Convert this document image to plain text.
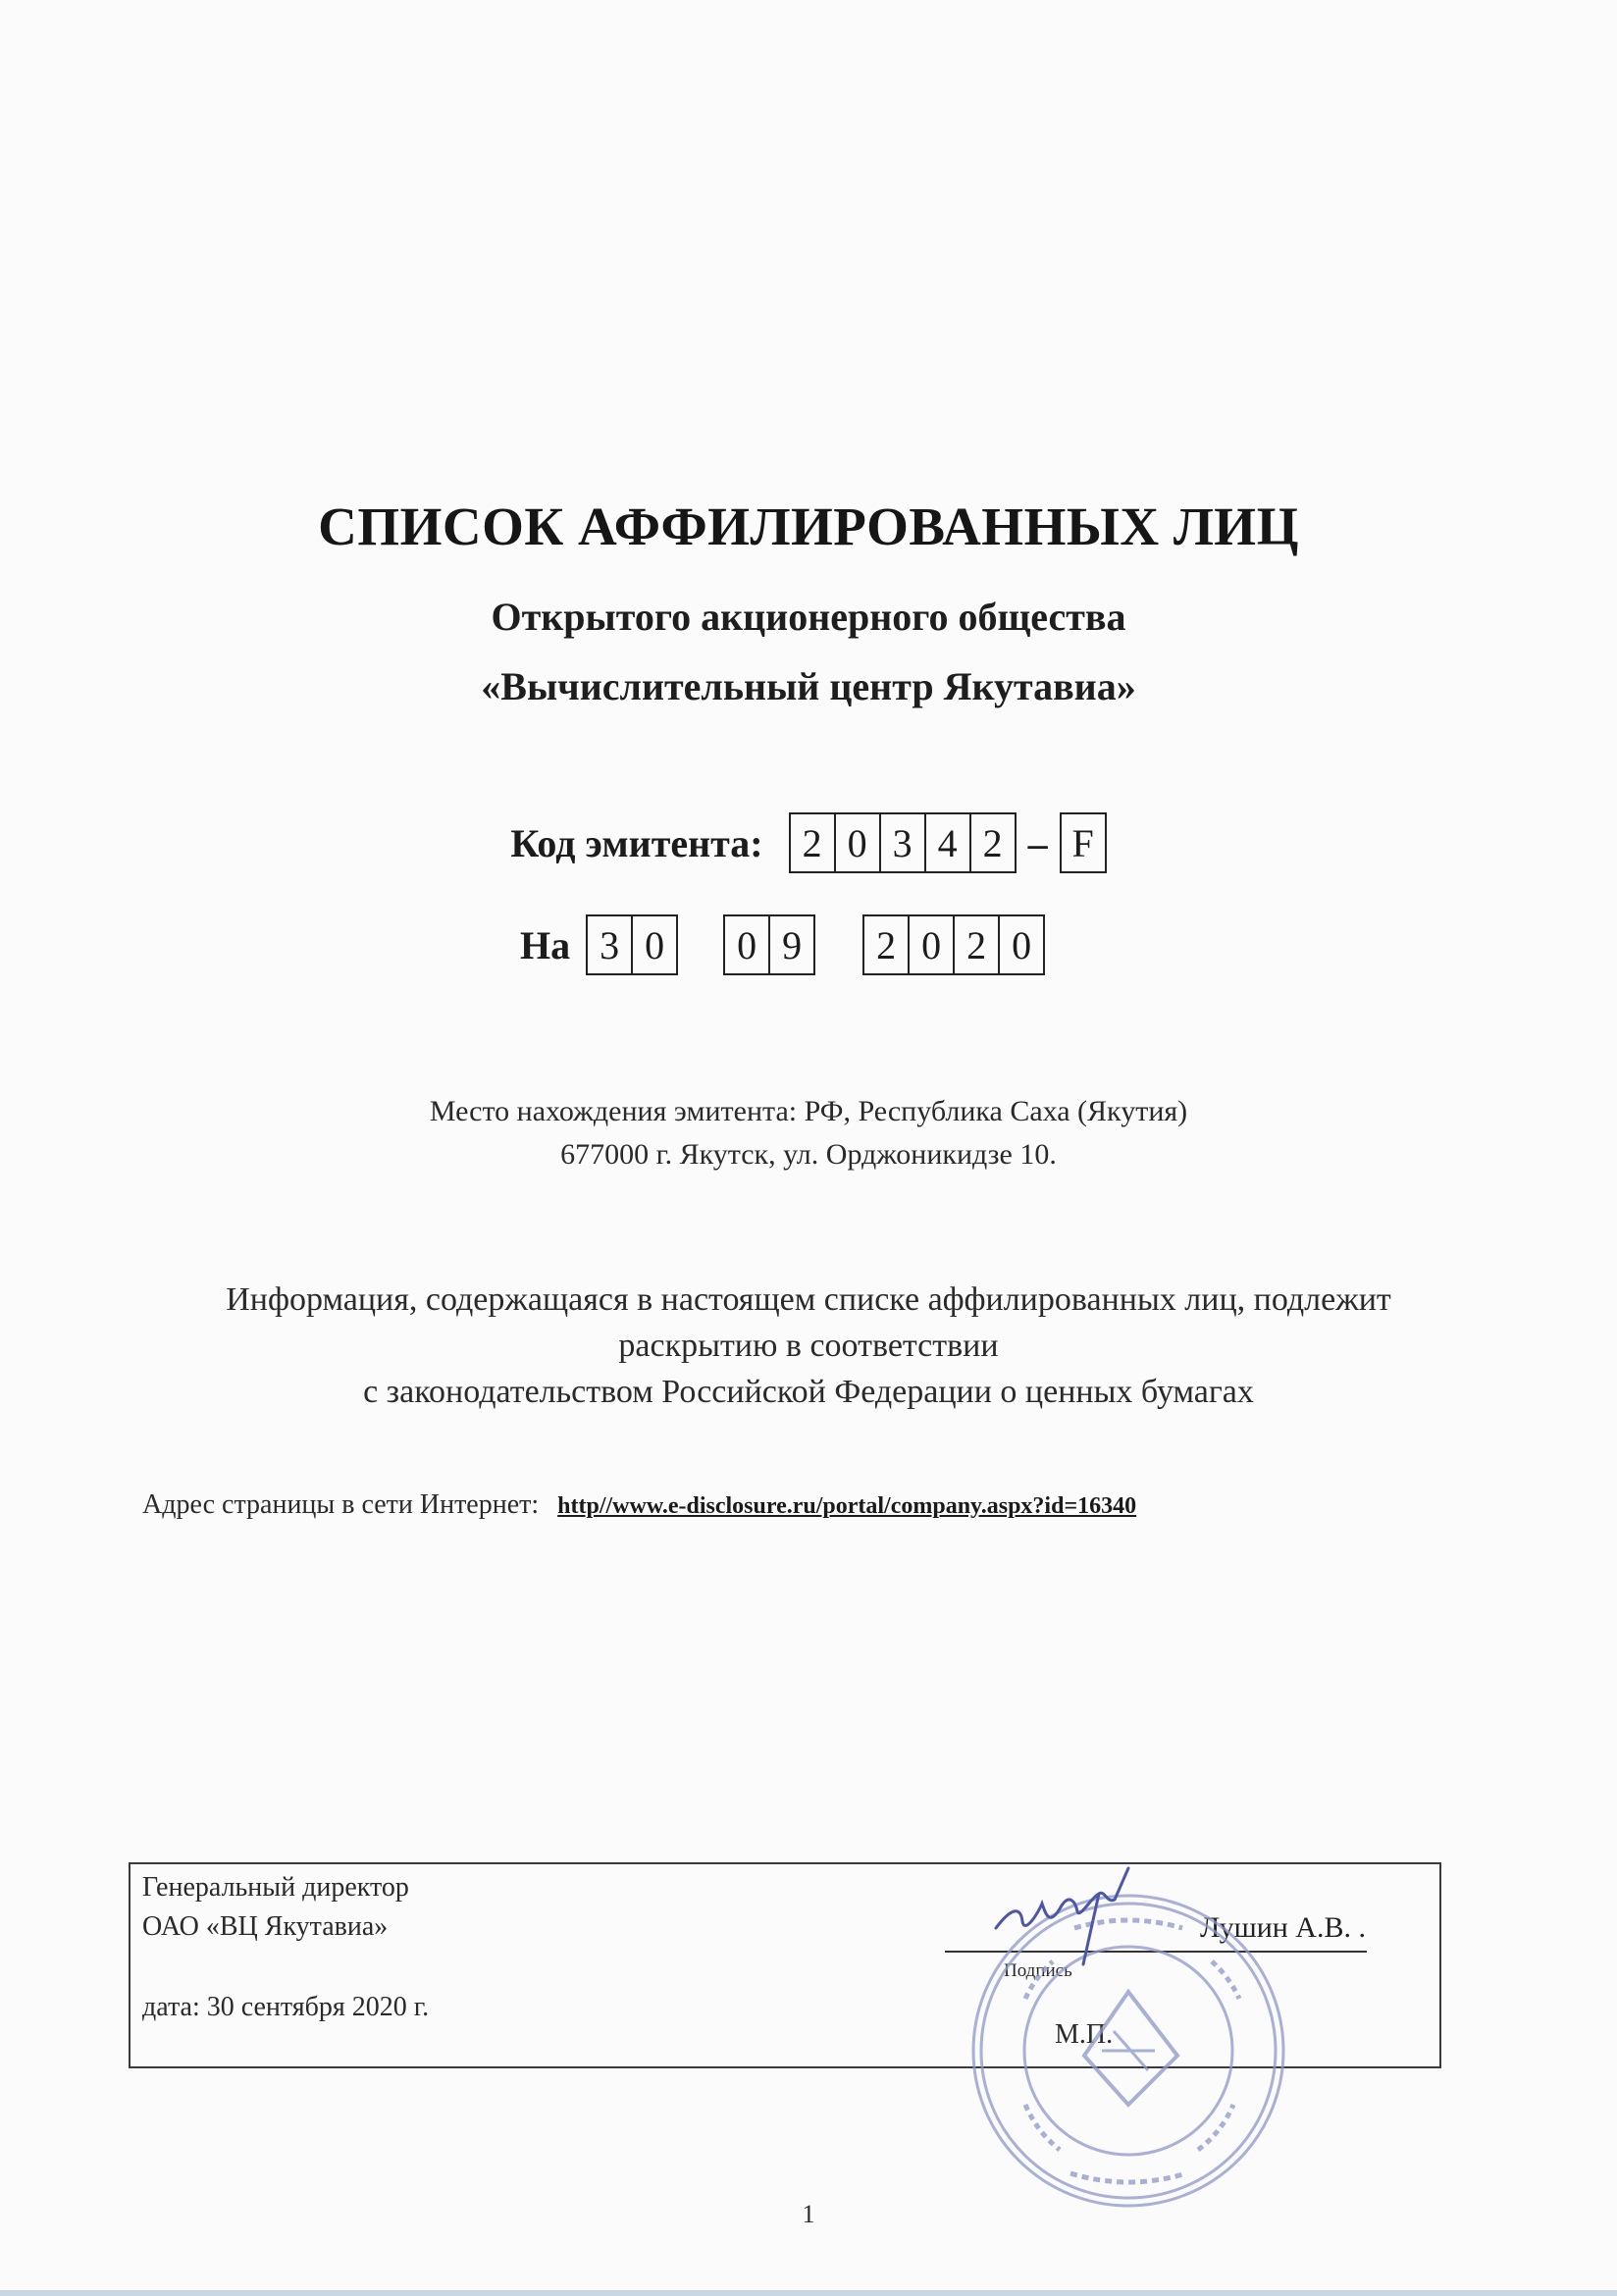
СПИСОК АФФИЛИРОВАННЫХ ЛИЦ
Открытого акционерного общества
«Вычислительный центр Якутавиа»
Код эмитента:	2 0 3 4 2 – F
На 3 0	0 9	2 0 2 0
Место нахождения эмитента: РФ, Республика Саха (Якутия)
677000 г. Якутск, ул. Орджоникидзе 10.
Информация, содержащаяся в настоящем списке аффилированных лиц, подлежит
раскрытию в соответствии
с законодательством Российской Федерации о ценных бумагах
Адрес страницы в сети Интернет: http//www.e-disclosure.ru/portal/company.aspx?id=16340
Генеральный директор
ОАО «ВЦ Якутавиа»
дата: 30 сентября 2020 г.
Лушин А.В. .
Подпись
М.П.
1
